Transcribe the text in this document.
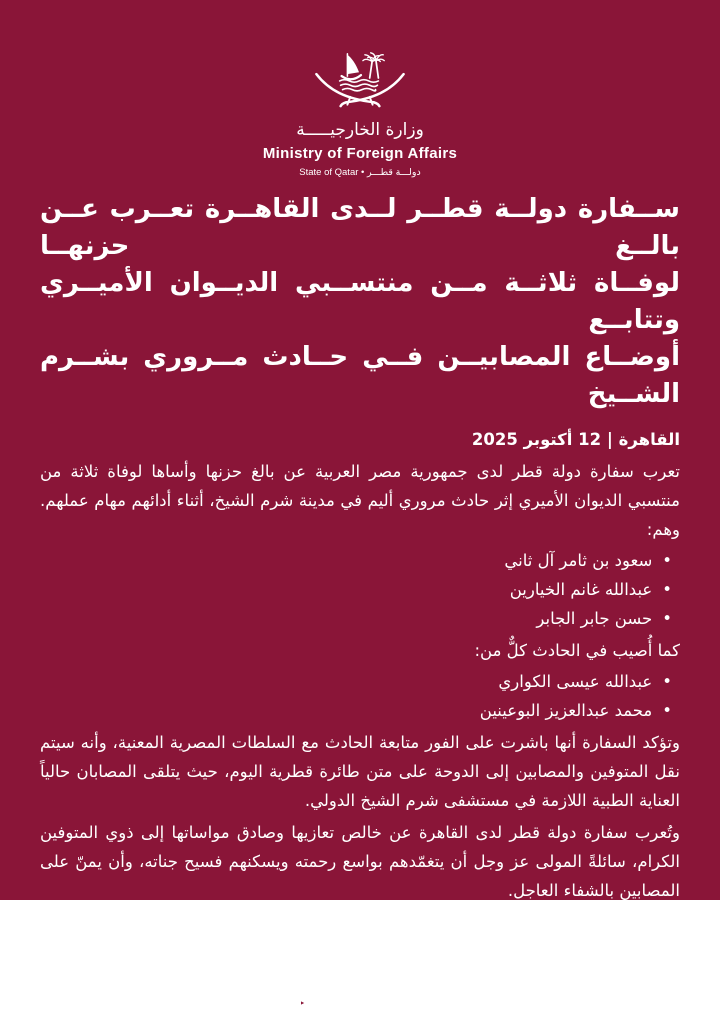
وزارة الخارجيـــــة
Ministry of Foreign Affairs
State of Qatar • دولـــة قطـــر
ســفارة دولــة قطــر لــدى القاهــرة تعــرب عــن بالــغ حزنهــا
لوفــاة ثلاثــة مــن منتســبي الديــوان الأميــري وتتابــع
أوضــاع المصابيــن فــي حــادث مــروري بشــرم الشــيخ
القاهرة | 12 أكتوبر 2025

تعرب سفارة دولة قطر لدى جمهورية مصر العربية عن بالغ حزنها وأساها لوفاة ثلاثة من منتسبي الديوان الأميري إثر حادث مروري أليم في مدينة شرم الشيخ، أثناء أدائهم مهام عملهم. وهم:

• سعود بن ثامر آل ثاني
• عبدالله غانم الخيارين
• حسن جابر الجابر

كما أُصيب في الحادث كلٌّ من:

• عبدالله عيسى الكواري
• محمد عبدالعزيز البوعينين

وتؤكد السفارة أنها باشرت على الفور متابعة الحادث مع السلطات المصرية المعنية، وأنه سيتم نقل المتوفين والمصابين إلى الدوحة على متن طائرة قطرية اليوم، حيث يتلقى المصابان حالياً العناية الطبية اللازمة في مستشفى شرم الشيخ الدولي.

وتُعرب سفارة دولة قطر لدى القاهرة عن خالص تعازيها وصادق مواساتها إلى ذوي المتوفين الكرام، سائلةً المولى عز وجل أن يتغمّدهم بواسع رحمته ويسكنهم فسيح جناته، وأن يمنّ على المصابين بالشفاء العاجل.

كما تُعرب السفارة عن شكرها وتقديرها للسلطات المعنية في جمهورية مصر العربية الشقيقة على تعاونها وحرصها واهتمامها بمتابعة الحادث وتقديم التسهيلات اللازمة.

MofaQatar_Ar	Mofa.Qatar	Mofa Qatar	www.mofa.gov.qa
